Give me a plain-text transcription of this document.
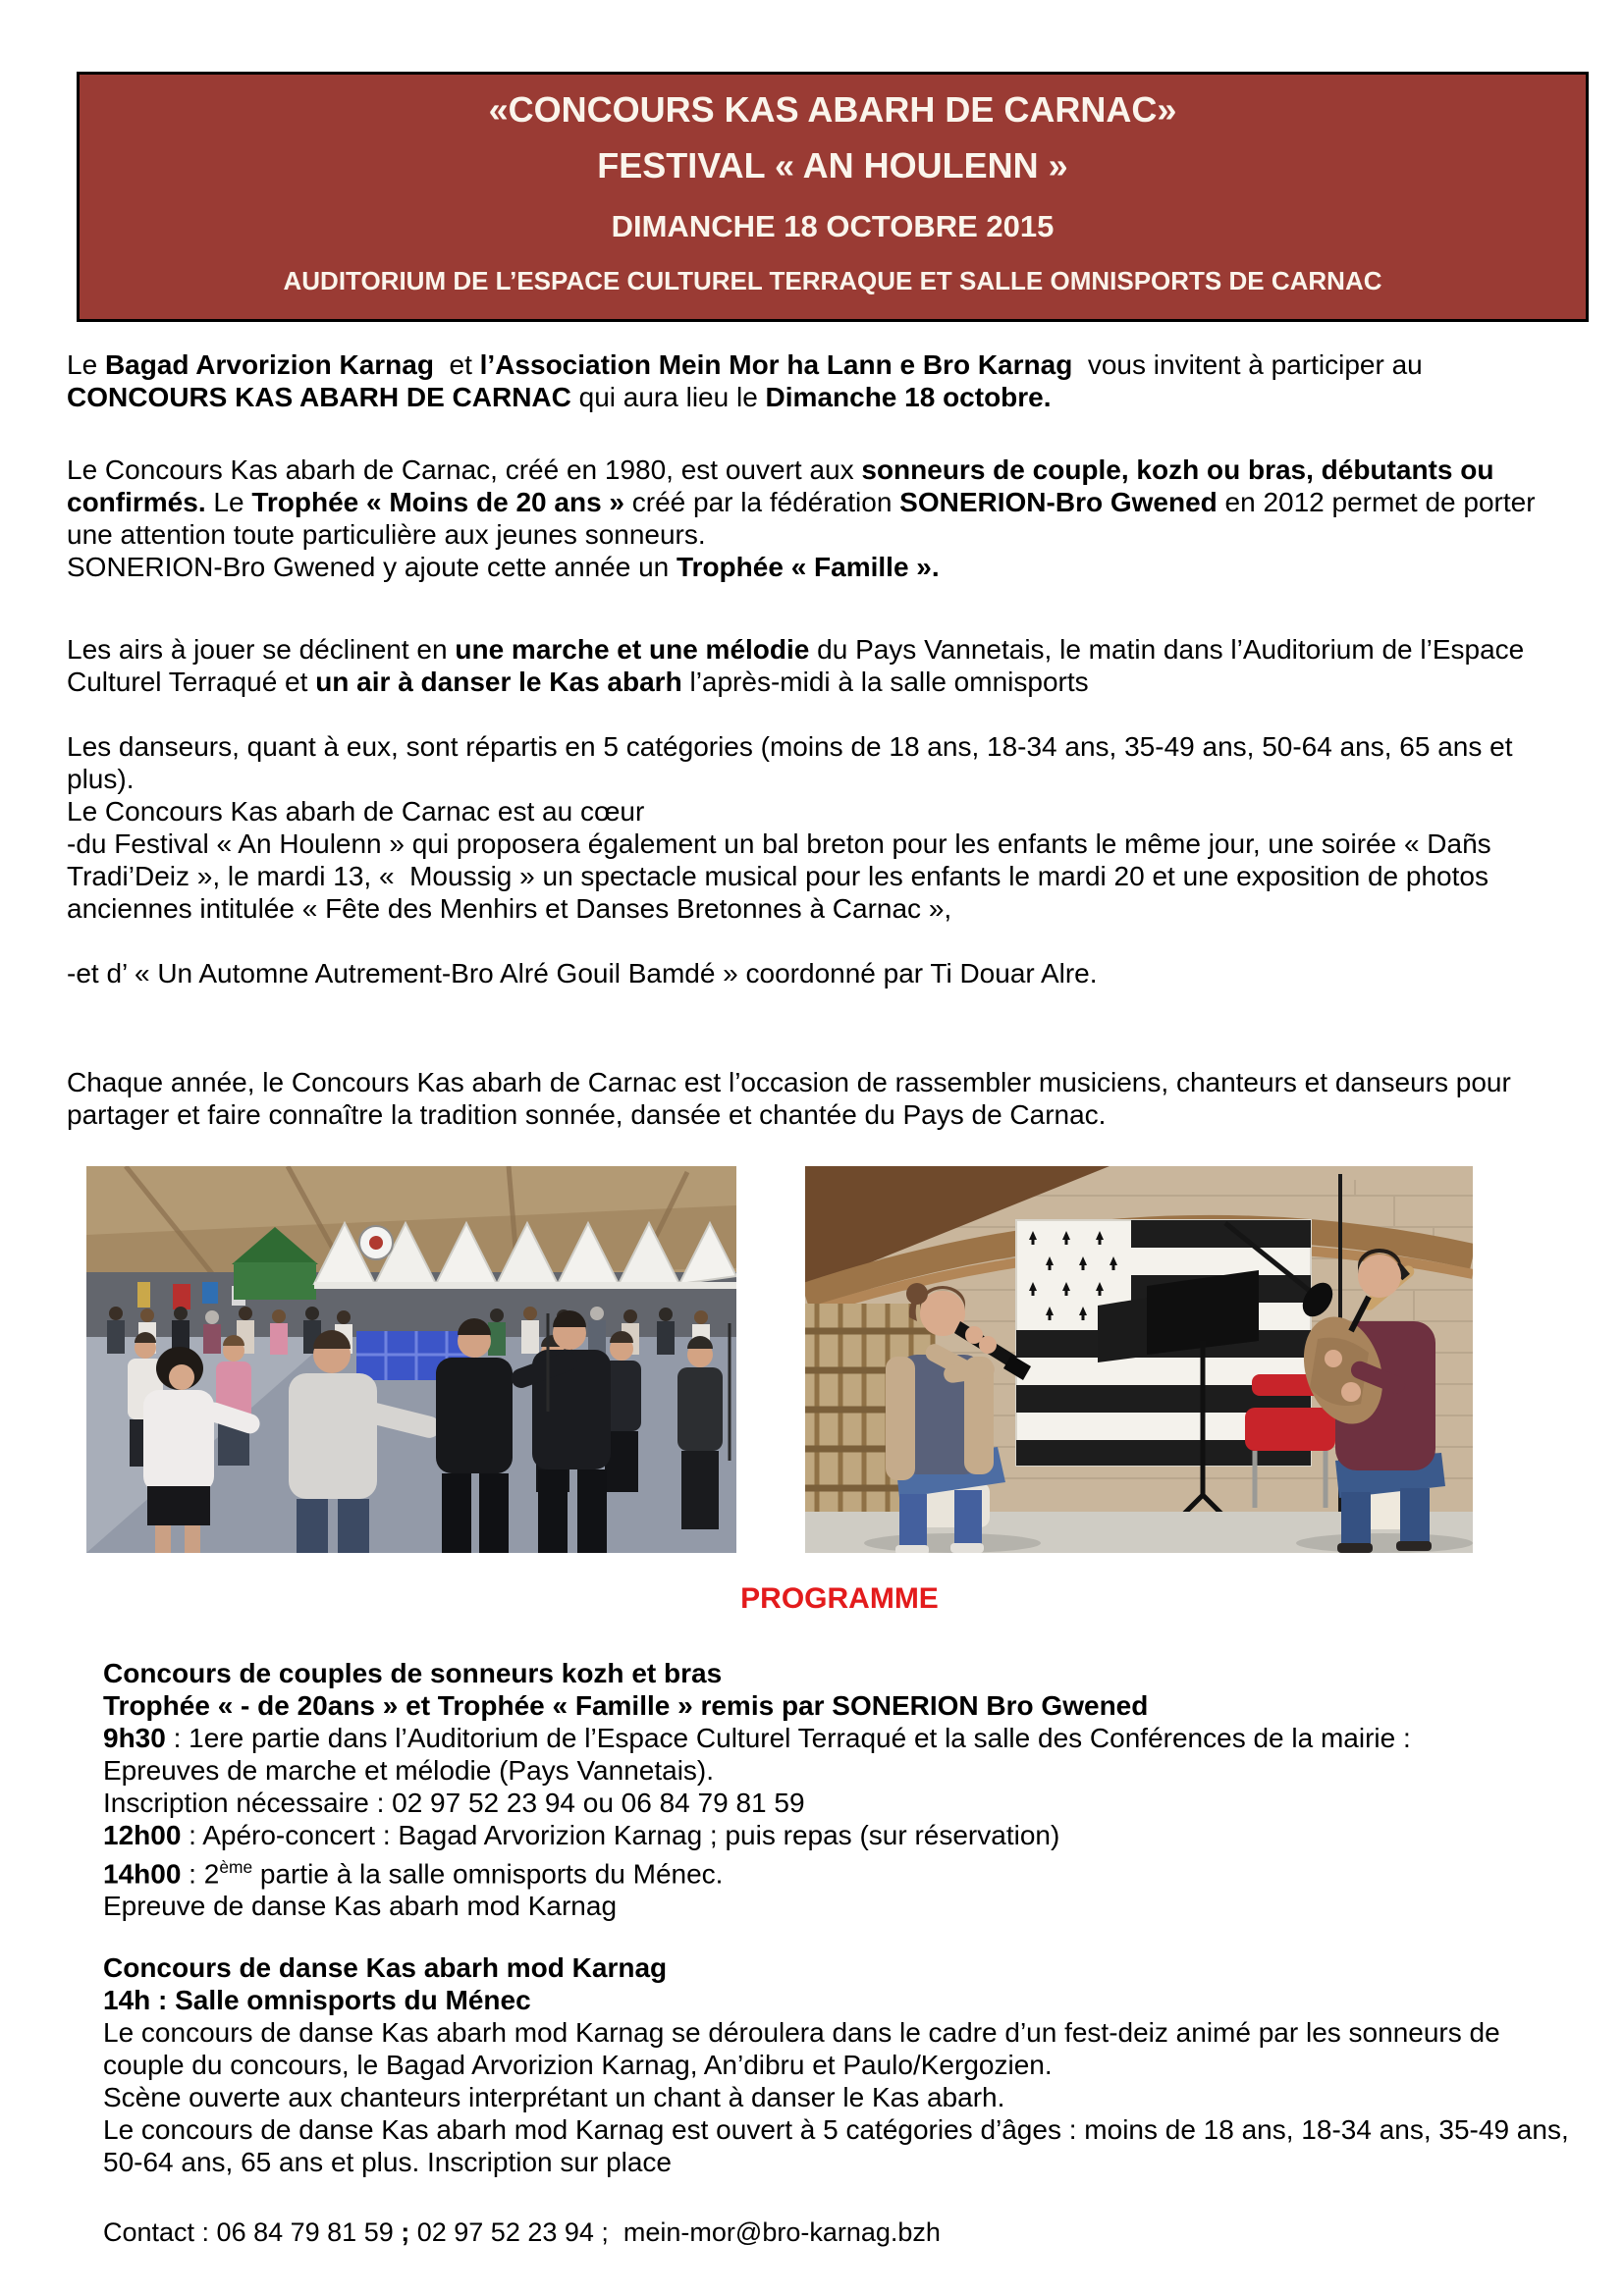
«CONCOURS KAS ABARH DE CARNAC»
FESTIVAL « AN HOULENN »
DIMANCHE 18 OCTOBRE 2015
AUDITORIUM DE L’ESPACE CULTUREL TERRAQUE ET SALLE OMNISPORTS DE CARNAC
Le Bagad Arvorizion Karnag  et l’Association Mein Mor ha Lann e Bro Karnag  vous invitent à participer au CONCOURS KAS ABARH DE CARNAC qui aura lieu le Dimanche 18 octobre.
Le Concours Kas abarh de Carnac, créé en 1980, est ouvert aux sonneurs de couple, kozh ou bras, débutants ou confirmés. Le Trophée « Moins de 20 ans » créé par la fédération SONERION-Bro Gwened en 2012 permet de porter une attention toute particulière aux jeunes sonneurs.
SONERION-Bro Gwened y ajoute cette année un Trophée « Famille ».
Les airs à jouer se déclinent en une marche et une mélodie du Pays Vannetais, le matin dans l’Auditorium de l’Espace Culturel Terraqué et un air à danser le Kas abarh l’après-midi à la salle omnisports
Les danseurs, quant à eux, sont répartis en 5 catégories (moins de 18 ans, 18-34 ans, 35-49 ans, 50-64 ans, 65 ans et plus).
Le Concours Kas abarh de Carnac est au cœur
-du Festival « An Houlenn » qui proposera également un bal breton pour les enfants le même jour, une soirée « Dañs Tradi’Deiz », le mardi 13, «  Moussig » un spectacle musical pour les enfants le mardi 20 et une exposition de photos anciennes intitulée « Fête des Menhirs et Danses Bretonnes à Carnac »,
-et d’ « Un Automne Autrement-Bro Alré Gouil Bamdé » coordonné par Ti Douar Alre.
Chaque année, le Concours Kas abarh de Carnac est l’occasion de rassembler musiciens, chanteurs et danseurs pour partager et faire connaître la tradition sonnée, dansée et chantée du Pays de Carnac.
PROGRAMME
Concours de couples de sonneurs kozh et bras
Trophée « - de 20ans » et Trophée « Famille » remis par SONERION Bro Gwened
9h30 : 1ere partie dans l’Auditorium de l’Espace Culturel Terraqué et la salle des Conférences de la mairie :
Epreuves de marche et mélodie (Pays Vannetais).
Inscription nécessaire : 02 97 52 23 94 ou 06 84 79 81 59
12h00 : Apéro-concert : Bagad Arvorizion Karnag ; puis repas (sur réservation)
14h00 : 2ème partie à la salle omnisports du Ménec.
Epreuve de danse Kas abarh mod Karnag
Concours de danse Kas abarh mod Karnag
14h : Salle omnisports du Ménec
Le concours de danse Kas abarh mod Karnag se déroulera dans le cadre d’un fest-deiz animé par les sonneurs de couple du concours, le Bagad Arvorizion Karnag, An’dibru et Paulo/Kergozien.
Scène ouverte aux chanteurs interprétant un chant à danser le Kas abarh.
Le concours de danse Kas abarh mod Karnag est ouvert à 5 catégories d’âges : moins de 18 ans, 18-34 ans, 35-49 ans, 50-64 ans, 65 ans et plus. Inscription sur place
Contact : 06 84 79 81 59 ; 02 97 52 23 94 ;  mein-mor@bro-karnag.bzh
